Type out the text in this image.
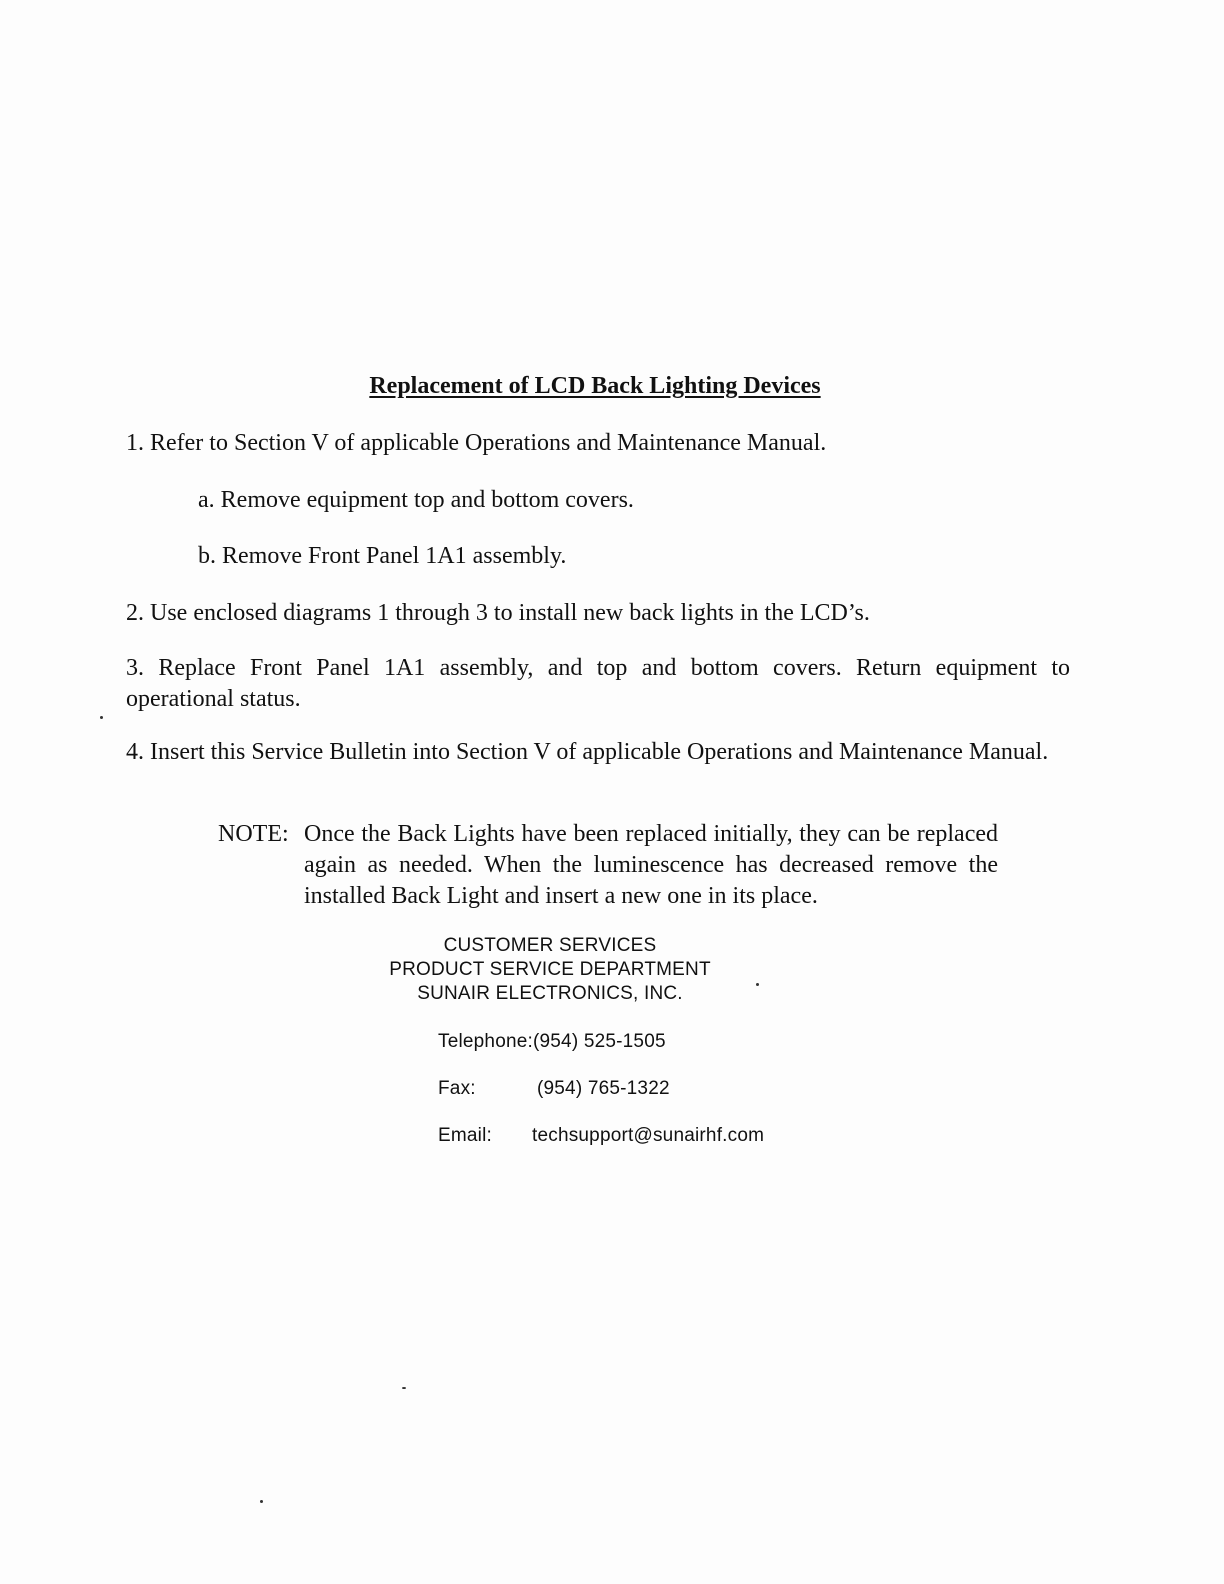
Replacement of LCD Back Lighting Devices
1. Refer to Section V of applicable Operations and Maintenance Manual.
a. Remove equipment top and bottom covers.
b. Remove Front Panel 1A1 assembly.
2. Use enclosed diagrams 1 through 3 to install new back lights in the LCD’s.
3. Replace Front Panel 1A1 assembly, and top and bottom covers. Return equipment to operational status.
4. Insert this Service Bulletin into Section V of applicable Operations and Maintenance Manual.
NOTE: Once the Back Lights have been replaced initially, they can be replaced again as needed. When the luminescence has decreased remove the installed Back Light and insert a new one in its place.
CUSTOMER SERVICES
PRODUCT SERVICE DEPARTMENT
SUNAIR ELECTRONICS, INC.
Telephone: (954) 525-1505
Fax:	(954) 765-1322
Email: techsupport@sunairhf.com
